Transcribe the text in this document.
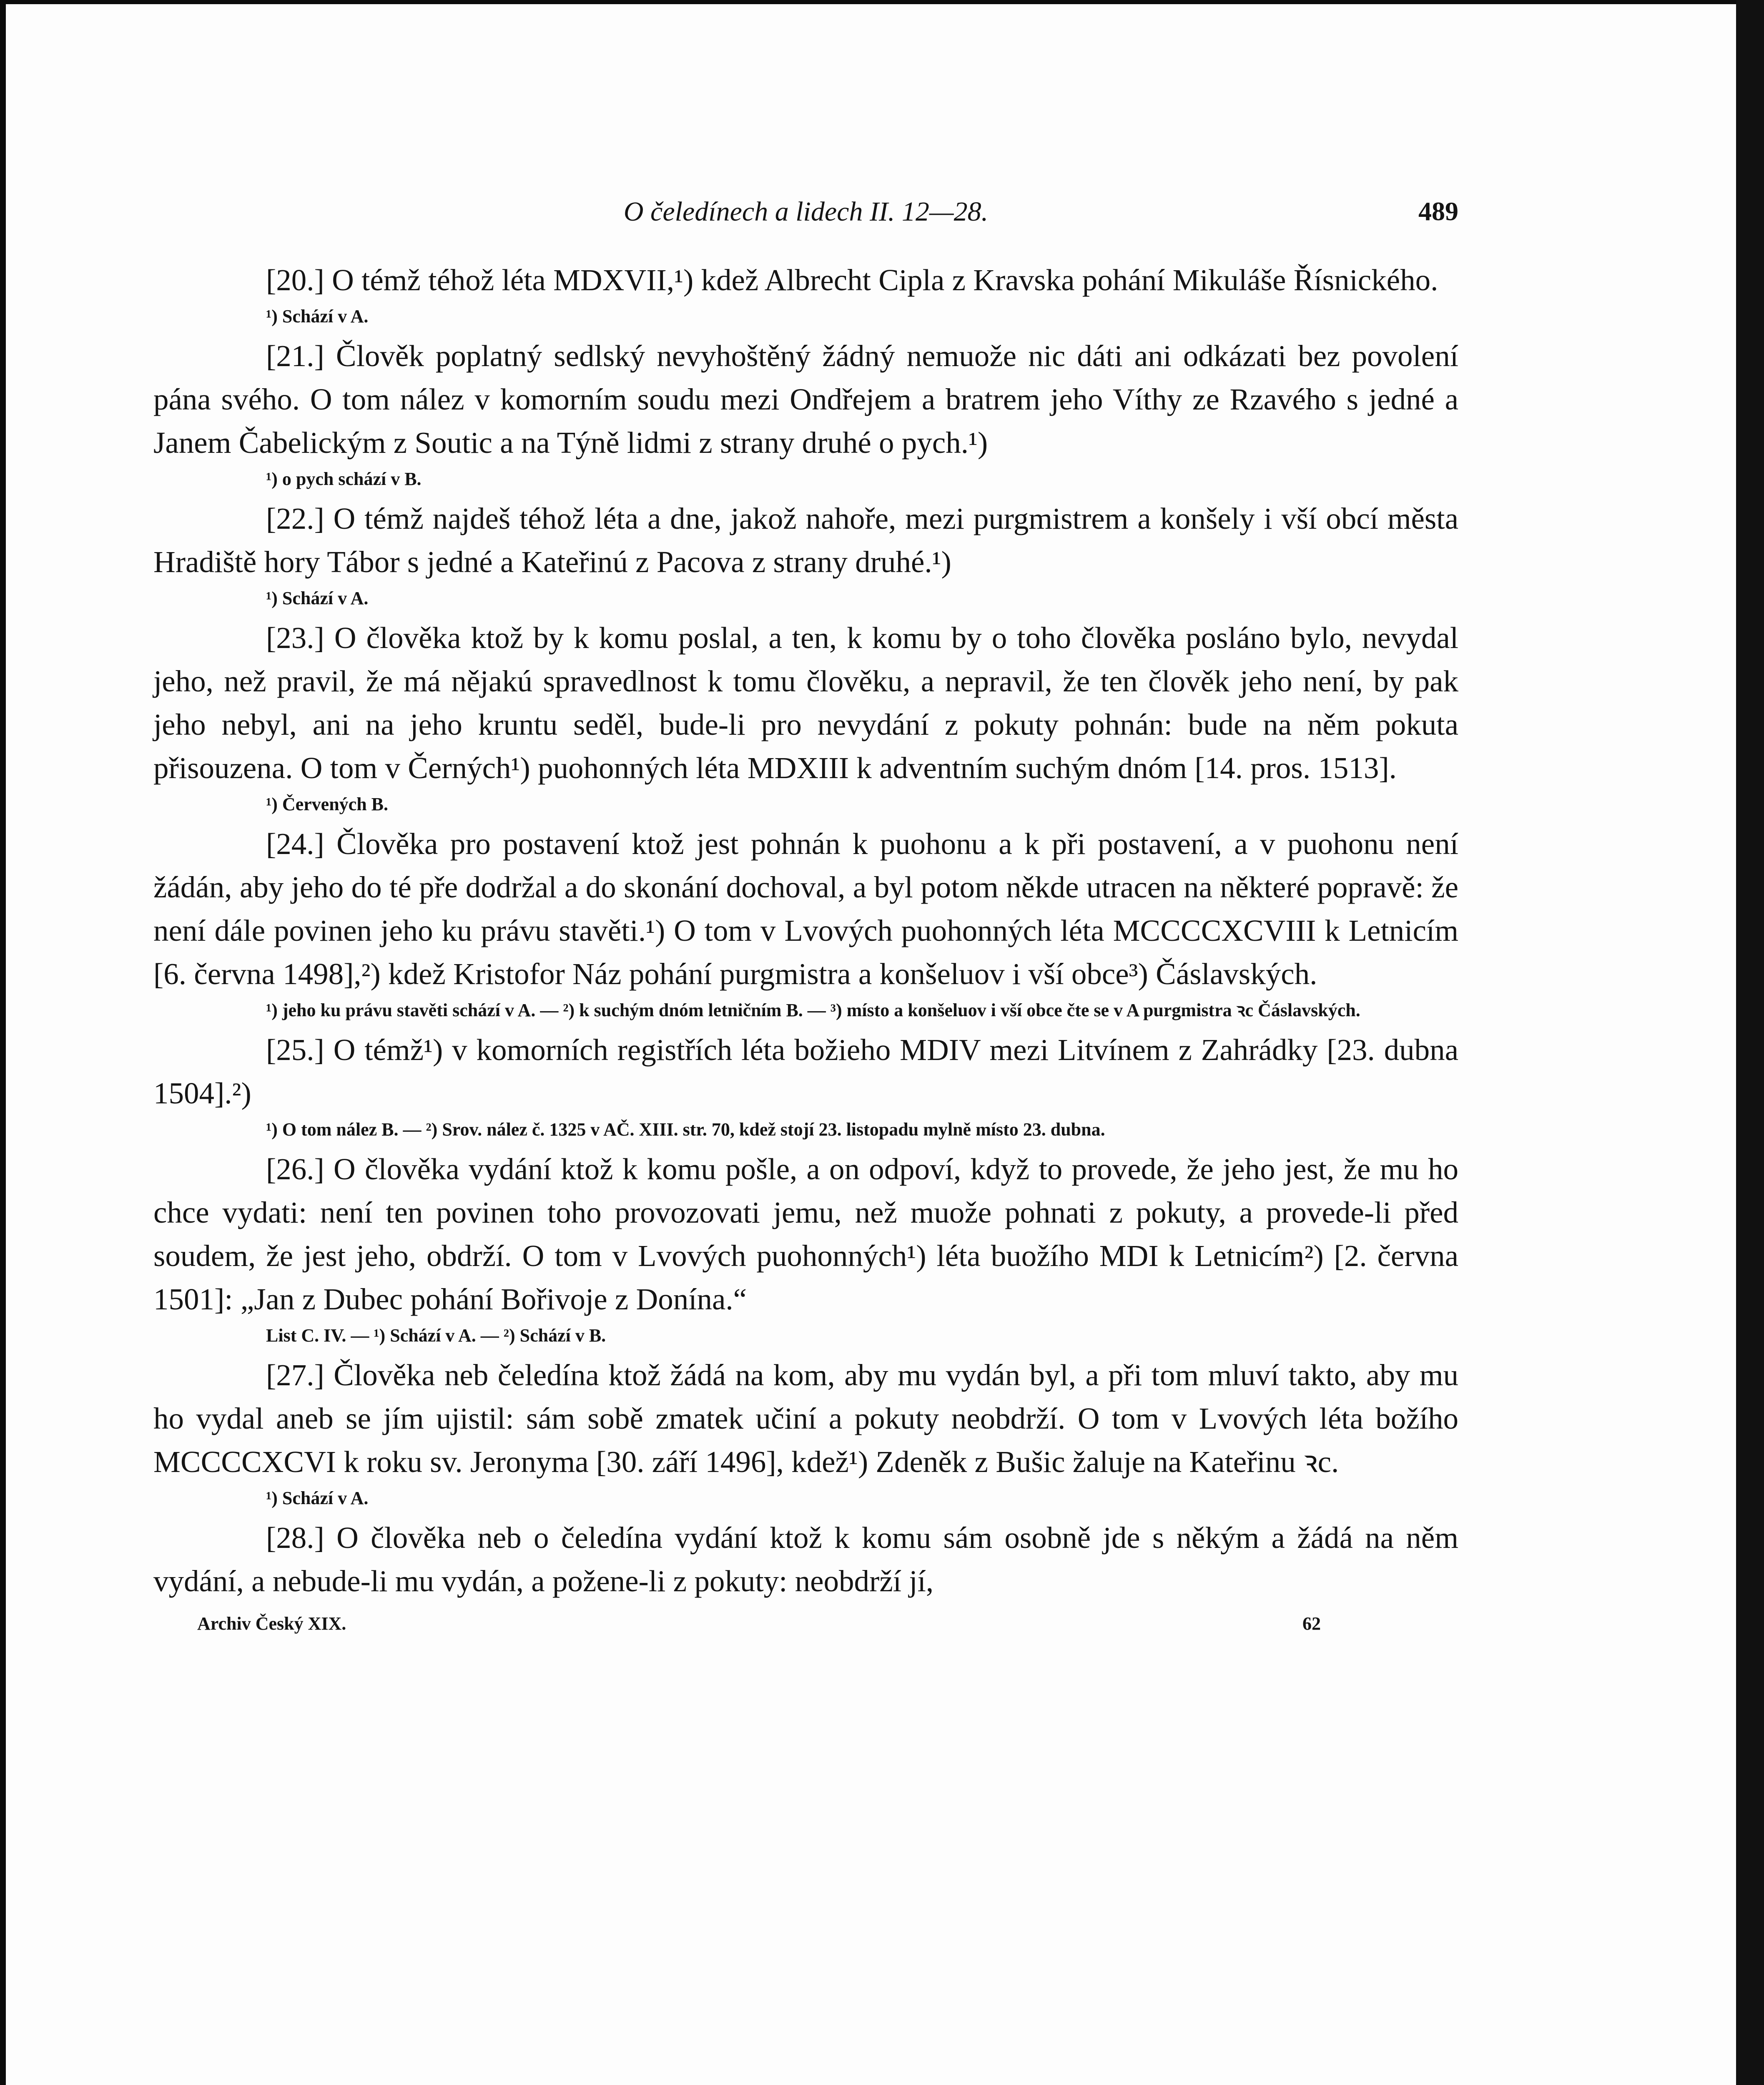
O čeledínech a lidech II. 12—28.	489

[20.] O témž téhož léta MDXVII,¹) kdež Albrecht Cipla z Kravska pohání Mikuláše Řísnického.

¹) Schází v A.

[21.] Člověk poplatný sedlský nevyhoštěný žádný nemuože nic dáti ani odkázati bez povolení pána svého. O tom nález v komorním soudu mezi Ondřejem a bratrem jeho Víthy ze Rzavého s jedné a Janem Čabelickým z Soutic a na Týně lidmi z strany druhé o pych.¹)

¹) o pych schází v B.

[22.] O témž najdeš téhož léta a dne, jakož nahoře, mezi purgmistrem a konšely i vší obcí města Hradiště hory Tábor s jedné a Kateřinú z Pacova z strany druhé.¹)

¹) Schází v A.

[23.] O člověka ktož by k komu poslal, a ten, k komu by o toho člověka posláno bylo, nevydal jeho, než pravil, že má nějakú spravedlnost k tomu člověku, a nepravil, že ten člověk jeho není, by pak jeho nebyl, ani na jeho kruntu seděl, bude-li pro nevydání z pokuty pohnán: bude na něm pokuta přisouzena. O tom v Černých¹) puohonných léta MDXIII k adventním suchým dnóm [14. pros. 1513].

¹) Červených B.

[24.] Člověka pro postavení ktož jest pohnán k puohonu a k při postavení, a v puohonu není žádán, aby jeho do té pře dodržal a do skonání dochoval, a byl potom někde utracen na některé popravě: že není dále povinen jeho ku právu stavěti.¹) O tom v Lvových puohonných léta MCCCCXCVIII k Letnicím [6. června 1498],²) kdež Kristofor Náz pohání purgmistra a konšeluov i vší obce³) Čáslavských.

¹) jeho ku právu stavěti schází v A. — ²) k suchým dnóm letničním B. — ³) místo a konšeluov i vší obce čte se v A purgmistra ꝛc Čáslavských.

[25.] O témž¹) v komorních registřích léta božieho MDIV mezi Litvínem z Zahrádky [23. dubna 1504].²)

¹) O tom nález B. — ²) Srov. nález č. 1325 v AČ. XIII. str. 70, kdež stojí 23. listopadu mylně místo 23. dubna.

[26.] O člověka vydání ktož k komu pošle, a on odpoví, když to provede, že jeho jest, že mu ho chce vydati: není ten povinen toho provozovati jemu, než muože pohnati z pokuty, a provede-li před soudem, že jest jeho, obdrží. O tom v Lvových puohonných¹) léta buožího MDI k Letnicím²) [2. června 1501]: „Jan z Dubec pohání Bořivoje z Donína.“

List C. IV. — ¹) Schází v A. — ²) Schází v B.

[27.] Člověka neb čeledína ktož žádá na kom, aby mu vydán byl, a při tom mluví takto, aby mu ho vydal aneb se jím ujistil: sám sobě zmatek učiní a pokuty neobdrží. O tom v Lvových léta božího MCCCCXCVI k roku sv. Jeronyma [30. září 1496], kdež¹) Zdeněk z Bušic žaluje na Kateřinu ꝛc.

¹) Schází v A.

[28.] O člověka neb o čeledína vydání ktož k komu sám osobně jde s někým a žádá na něm vydání, a nebude-li mu vydán, a požene-li z pokuty: neobdrží jí,

Archiv Český XIX.	62
